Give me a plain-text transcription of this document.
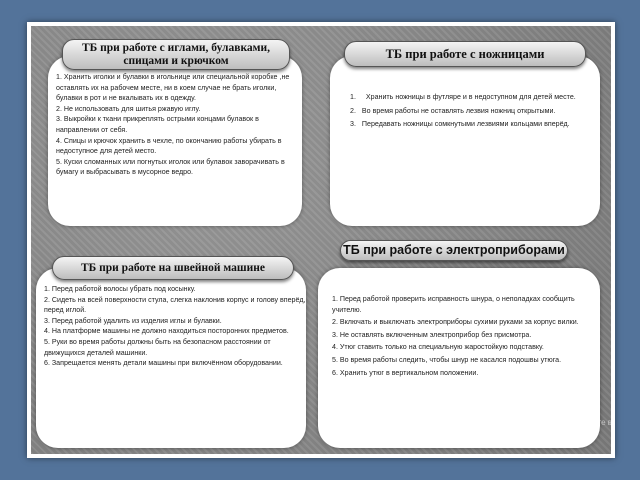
ТБ при работе с иглами, булавками, спицами и крючком

1. Хранить иголки и булавки в игольнице или специальной коробке ,не оставлять их на рабочем месте, ни в коем случае не брать иголки, булавки в рот и не вкалывать их в одежду.

2. Не использовать для шитья ржавую иглу.

3. Выкройки к ткани прикреплять острыми концами булавок в направлении от себя.

4. Спицы и крючок хранить в чехле, по окончанию работы убирать в недоступное для детей место.

5. Куски сломанных или погнутых иголок или булавок заворачивать в бумагу и выбрасывать в мусорное ведро.

ТБ при работе с ножницами
1. Хранить ножницы в футляре и в недоступном для детей месте.
2. Во время работы не оставлять лезвия ножниц открытыми.
3. Передавать ножницы сомкнутыми лезвиями кольцами вперёд.
ТБ при работе на швейной машине

1. Перед работой волосы убрать под косынку.

2. Сидеть на всей поверхности стула, слегка наклонив корпус и голову вперёд, перед иглой.

3. Перед работой удалить из изделия иглы и булавки.

4. На платформе машины не должно находиться посторонних предметов.

5. Руки во время работы должны быть на безопасном расстоянии от движущихся деталей машинки.

6. Запрещается менять детали машины при включённом оборудовании.

ТБ при работе с электроприборами

1. Перед работой проверить исправность шнура, о неполадках сообщить учителю.

2. Включать и выключать электроприборы сухими руками за корпус вилки.

3. Не оставлять включенным электроприбор без присмотра.

4. Утюг ставить только на специальную жаростойкую подставку.

5. Во время работы следить, чтобы шнур не касался подошвы утюга.

6. Хранить утюг в вертикальном положении.

Активация Windows
Чтобы активировать Windows, перейдите в
раздел «Параметры».
